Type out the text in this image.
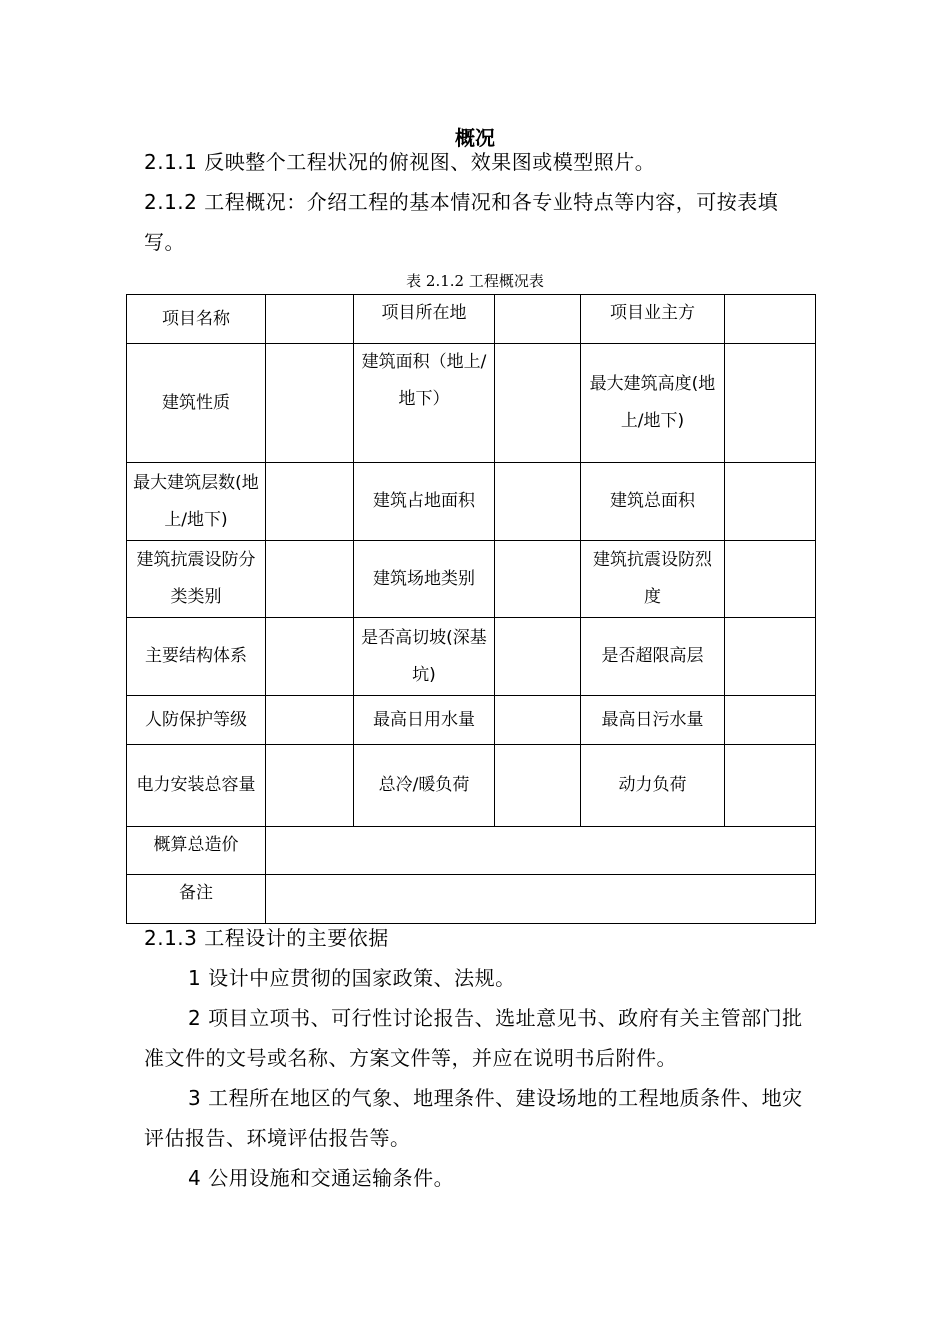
概况
2.1.1 反映整个工程状况的俯视图、效果图或模型照片。
2.1.2 工程概况：介绍工程的基本情况和各专业特点等内容，可按表填写。
表 2.1.2 工程概况表
项目名称		项目所在地		项目业主方	
建筑性质		建筑面积（地上/地下）		最大建筑高度(地上/地下)	
最大建筑层数(地上/地下)		建筑占地面积		建筑总面积	
建筑抗震设防分类类别		建筑场地类别		建筑抗震设防烈度	
主要结构体系		是否高切坡(深基坑)		是否超限高层	
人防保护等级		最高日用水量		最高日污水量	
电力安装总容量		总冷/暖负荷		动力负荷	
概算总造价					
备注					
2.1.3 工程设计的主要依据
1 设计中应贯彻的国家政策、法规。
2 项目立项书、可行性讨论报告、选址意见书、政府有关主管部门批准文件的文号或名称、方案文件等，并应在说明书后附件。
3 工程所在地区的气象、地理条件、建设场地的工程地质条件、地灾评估报告、环境评估报告等。
4 公用设施和交通运输条件。
